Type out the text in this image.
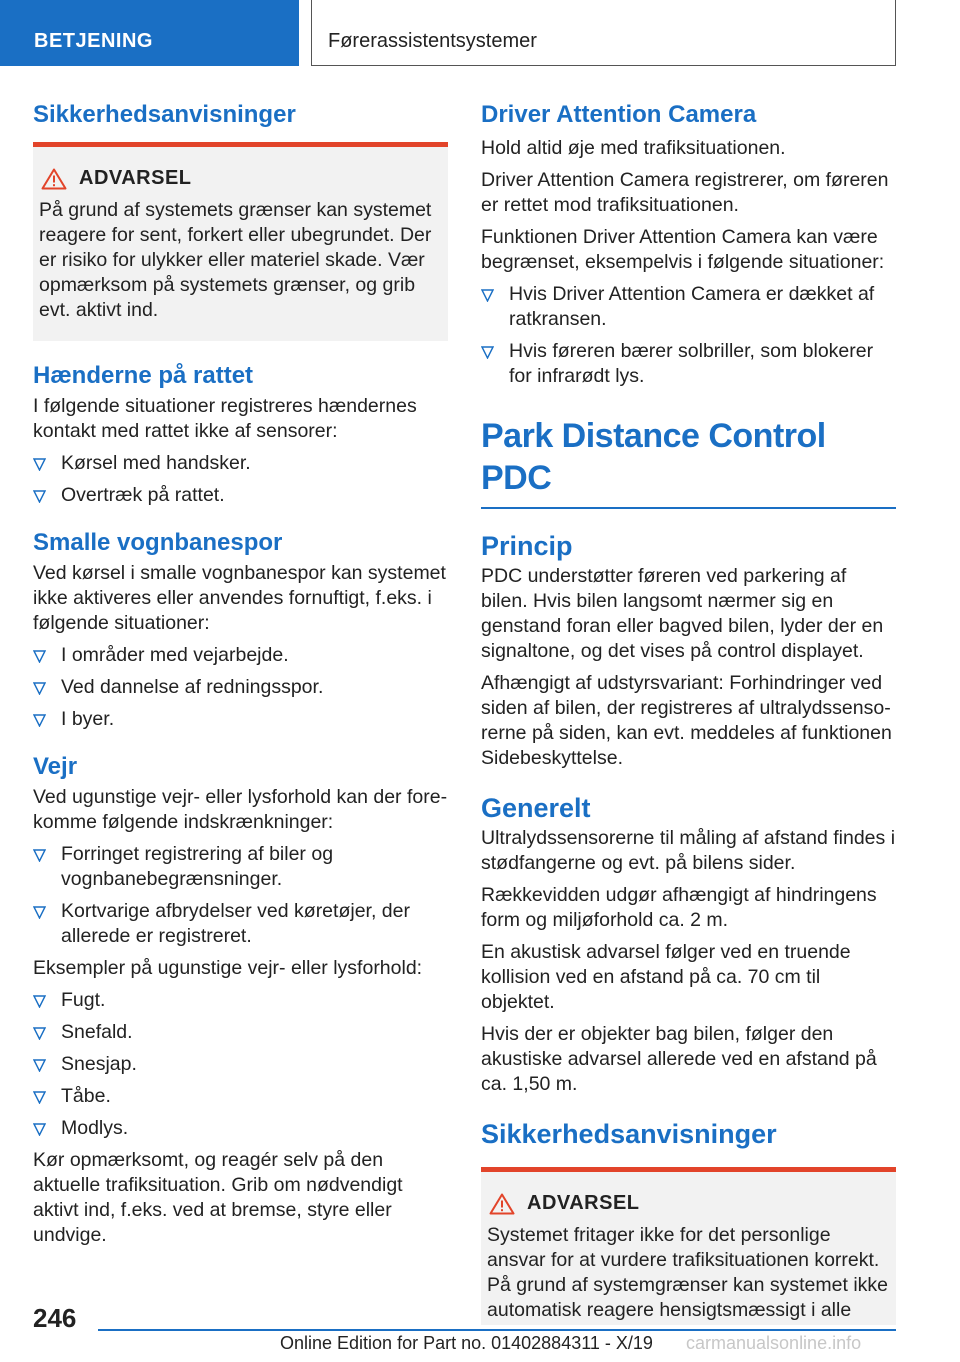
BETJENING	Førerassistentsystemer
Sikkerhedsanvisninger
ADVARSEL

På grund af systemets grænser kan systemet reagere for sent, forkert eller ubegrundet. Der er risiko for ulykker eller materiel skade. Vær opmærksom på systemets grænser, og grib evt. aktivt ind.

Hænderne på rattet

I følgende situationer registreres hændernes kontakt med rattet ikke af sensorer:

Kørsel med handsker.
Overtræk på rattet.
Smalle vognbanespor

Ved kørsel i smalle vognbanespor kan systemet ikke aktiveres eller anvendes fornuftigt, f.eks. i følgende situationer:

I områder med vejarbejde.
Ved dannelse af redningsspor.
I byer.
Vejr

Ved ugunstige vejr- eller lysforhold kan der forekomme følgende indskrænkninger:

Forringet registrering af biler og vognbanebegrænsninger.
Kortvarige afbrydelser ved køretøjer, der allerede er registreret.

Eksempler på ugunstige vejr- eller lysforhold:

Fugt.
Snefald.
Snesjap.
Tåbe.
Modlys.

Kør opmærksomt, og reagér selv på den aktuelle trafiksituation. Grib om nødvendigt aktivt ind, f.eks. ved at bremse, styre eller undvige.

Driver Attention Camera

Hold altid øje med trafiksituationen.

Driver Attention Camera registrerer, om føreren er rettet mod trafiksituationen.

Funktionen Driver Attention Camera kan være begrænset, eksempelvis i følgende situationer:

Hvis Driver Attention Camera er dækket af ratkransen.
Hvis føreren bærer solbriller, som blokerer for infrarødt lys.
Park Distance Control PDC
Princip

PDC understøtter føreren ved parkering af bilen. Hvis bilen langsomt nærmer sig en genstand foran eller bagved bilen, lyder der en signaltone, og det vises på control displayet.

Afhængigt af udstyrsvariant: Forhindringer ved siden af bilen, der registreres af ultralydssensorerne på siden, kan evt. meddeles af funktionen Sidebeskyttelse.

Generelt

Ultralydssensorerne til måling af afstand findes i stødfangerne og evt. på bilens sider.

Rækkevidden udgør afhængigt af hindringens form og miljøforhold ca. 2 m.

En akustisk advarsel følger ved en truende kollision ved en afstand på ca. 70 cm til objektet.

Hvis der er objekter bag bilen, følger den akustiske advarsel allerede ved en afstand på ca. 1,50 m.

Sikkerhedsanvisninger
ADVARSEL

Systemet fritager ikke for det personlige ansvar for at vurdere trafiksituationen korrekt. På grund af systemgrænser kan systemet ikke automatisk reagere hensigtsmæssigt i alle

246
Online Edition for Part no. 01402884311 - X/19 carmanualsonline.info
